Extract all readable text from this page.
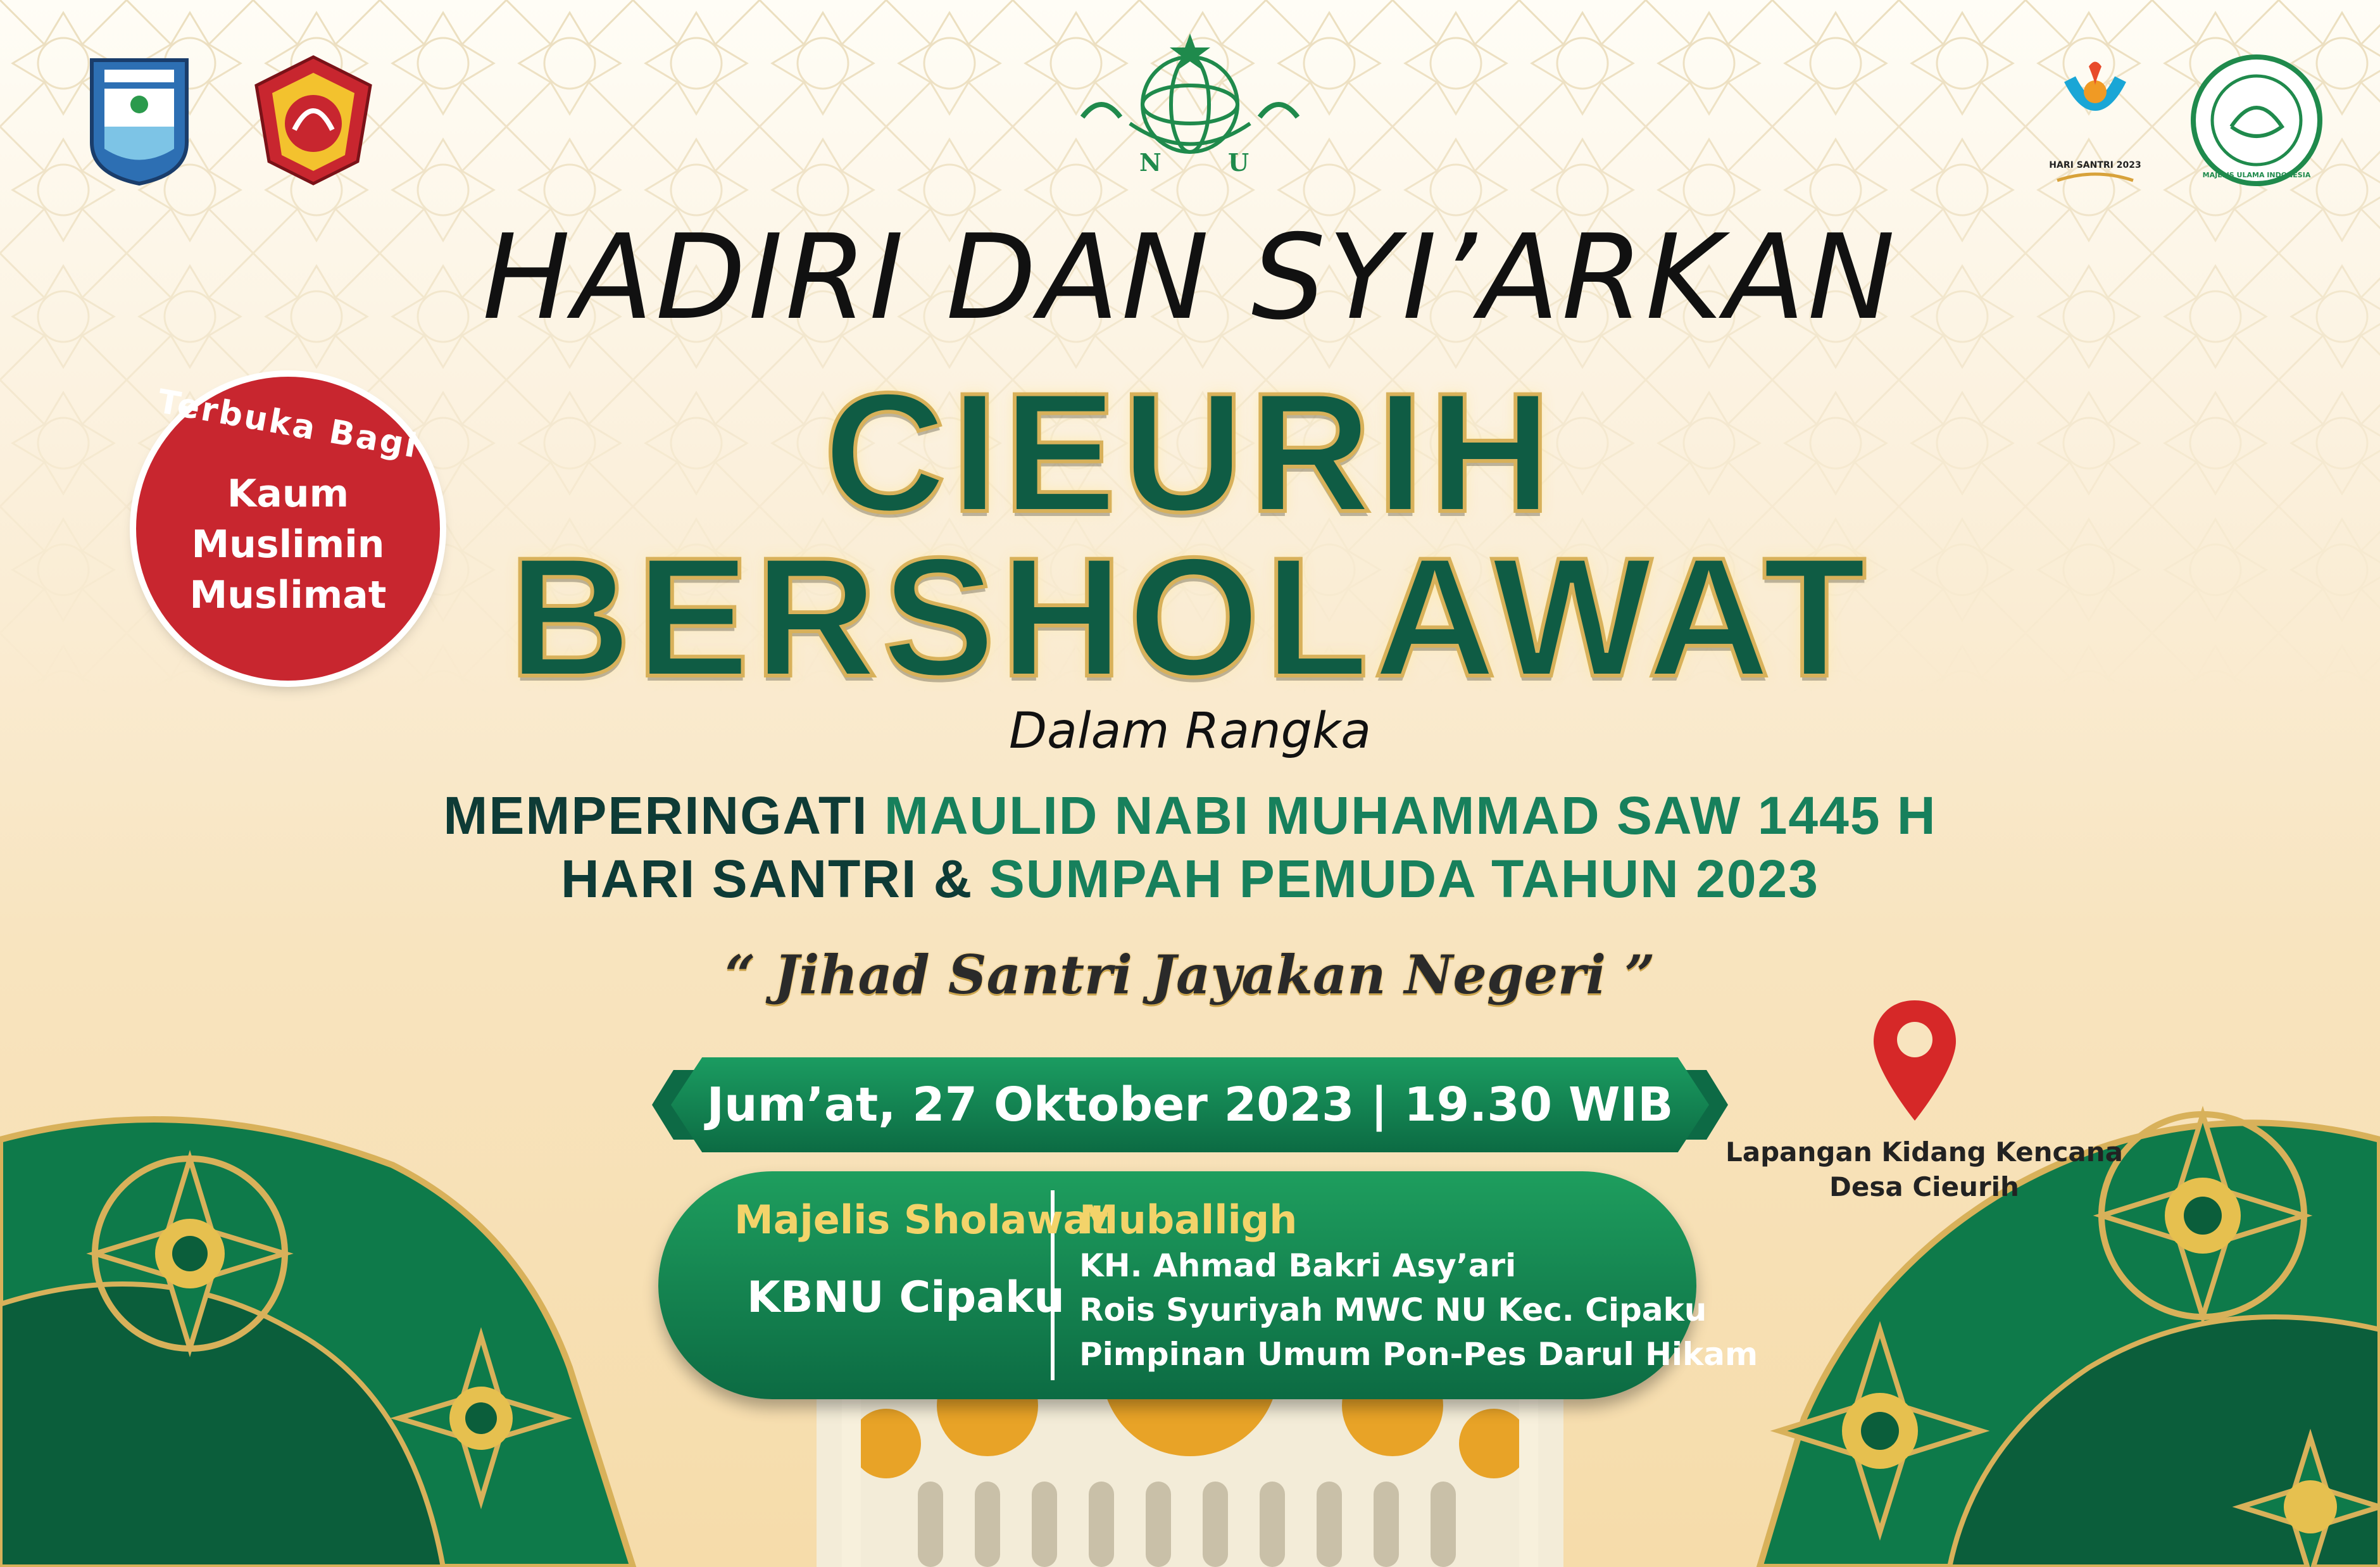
N	U	HARI SANTRI 2023
MAJELIS ULAMA INDONESIA
HADIRI DAN SYI’ARKAN
CIEURIH
BERSHOLAWAT
Terbuka Bagi
Kaum
Muslimin
Muslimat
Dalam Rangka
MEMPERINGATI MAULID NABI MUHAMMAD SAW 1445 H
HARI SANTRI & SUMPAH PEMUDA TAHUN 2023
“ Jihad Santri Jayakan Negeri ”
Jum’at, 27 Oktober 2023 | 19.30 WIB
Lapangan Kidang Kencana
Desa Cieurih
Majelis Sholawat
KBNU Cipaku
Muballigh
KH. Ahmad Bakri Asy’ari
Rois Syuriyah MWC NU Kec. Cipaku
Pimpinan Umum Pon-Pes Darul Hikam
